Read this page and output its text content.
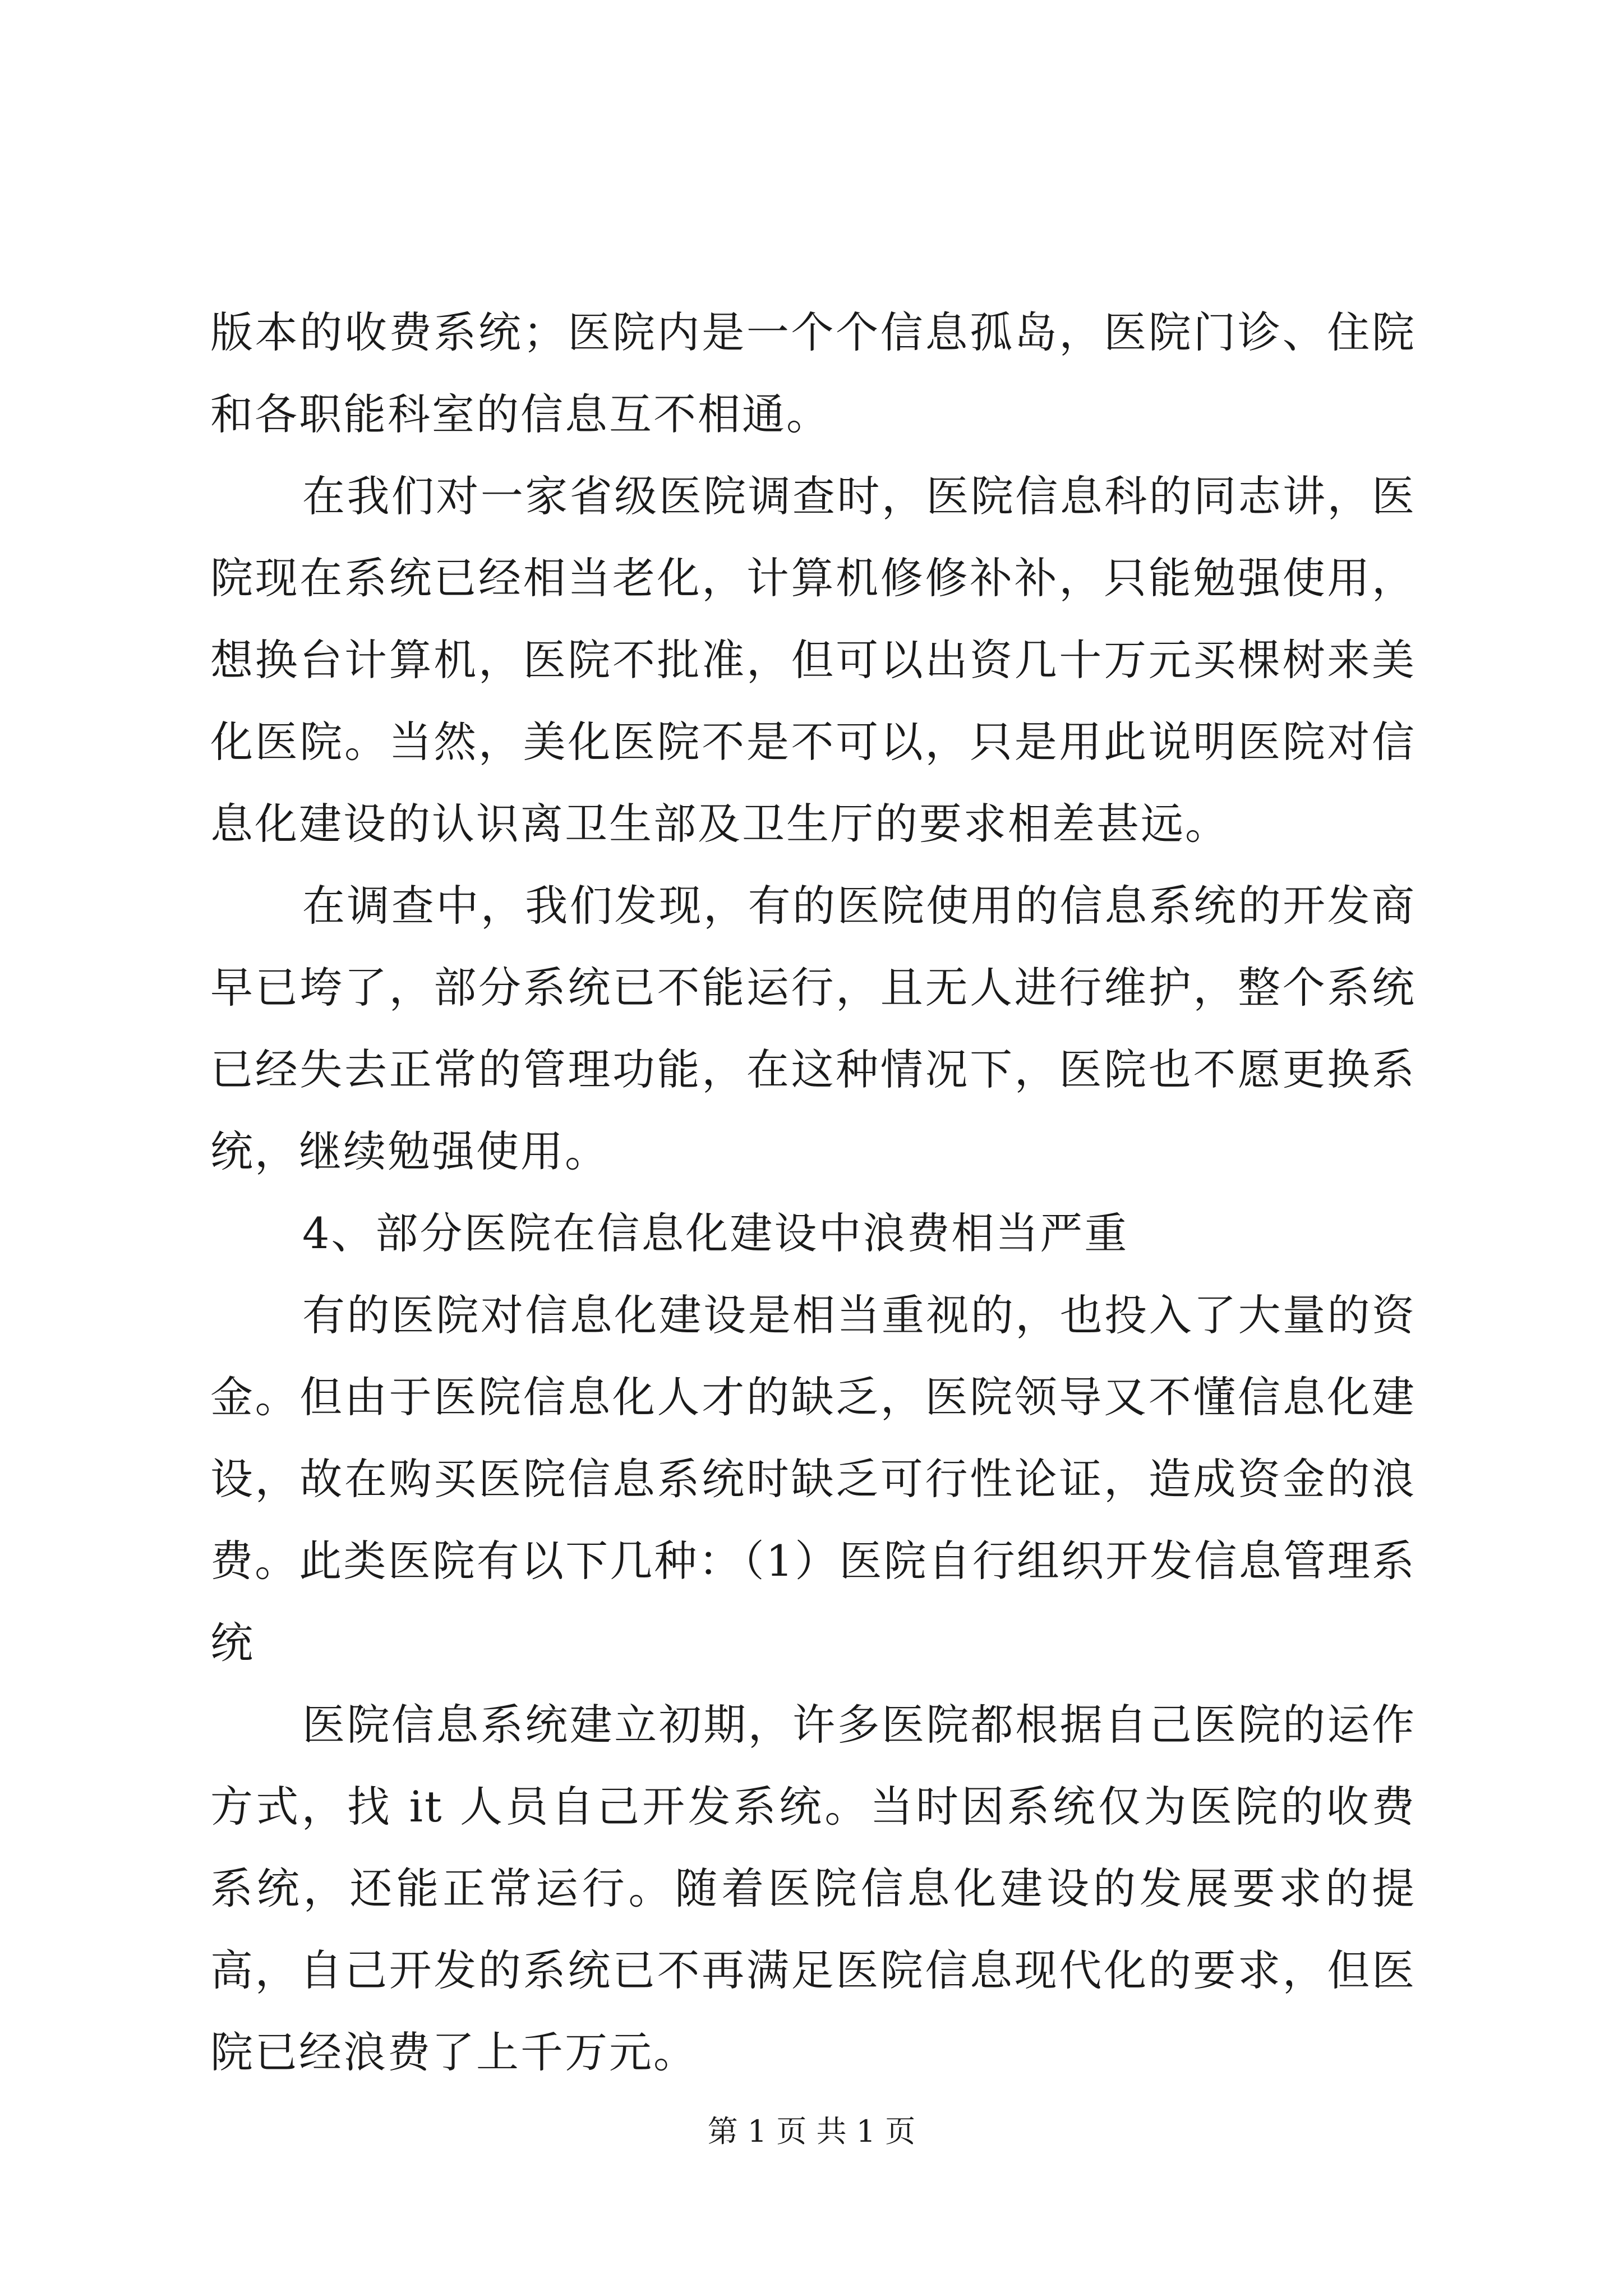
版本的收费系统；医院内是一个个信息孤岛，医院门诊、住院和各职能科室的信息互不相通。

在我们对一家省级医院调查时，医院信息科的同志讲，医院现在系统已经相当老化，计算机修修补补，只能勉强使用，想换台计算机，医院不批准，但可以出资几十万元买棵树来美化医院。当然，美化医院不是不可以，只是用此说明医院对信息化建设的认识离卫生部及卫生厅的要求相差甚远。

在调查中，我们发现，有的医院使用的信息系统的开发商早已垮了，部分系统已不能运行，且无人进行维护，整个系统已经失去正常的管理功能，在这种情况下，医院也不愿更换系统，继续勉强使用。

4、部分医院在信息化建设中浪费相当严重

有的医院对信息化建设是相当重视的，也投入了大量的资金。但由于医院信息化人才的缺乏，医院领导又不懂信息化建设，故在购买医院信息系统时缺乏可行性论证，造成资金的浪费。此类医院有以下几种：（1）医院自行组织开发信息管理系统

医院信息系统建立初期，许多医院都根据自己医院的运作方式，找 it 人员自己开发系统。当时因系统仅为医院的收费系统，还能正常运行。随着医院信息化建设的发展要求的提高，自己开发的系统已不再满足医院信息现代化的要求，但医院已经浪费了上千万元。

第 1 页 共 1 页
